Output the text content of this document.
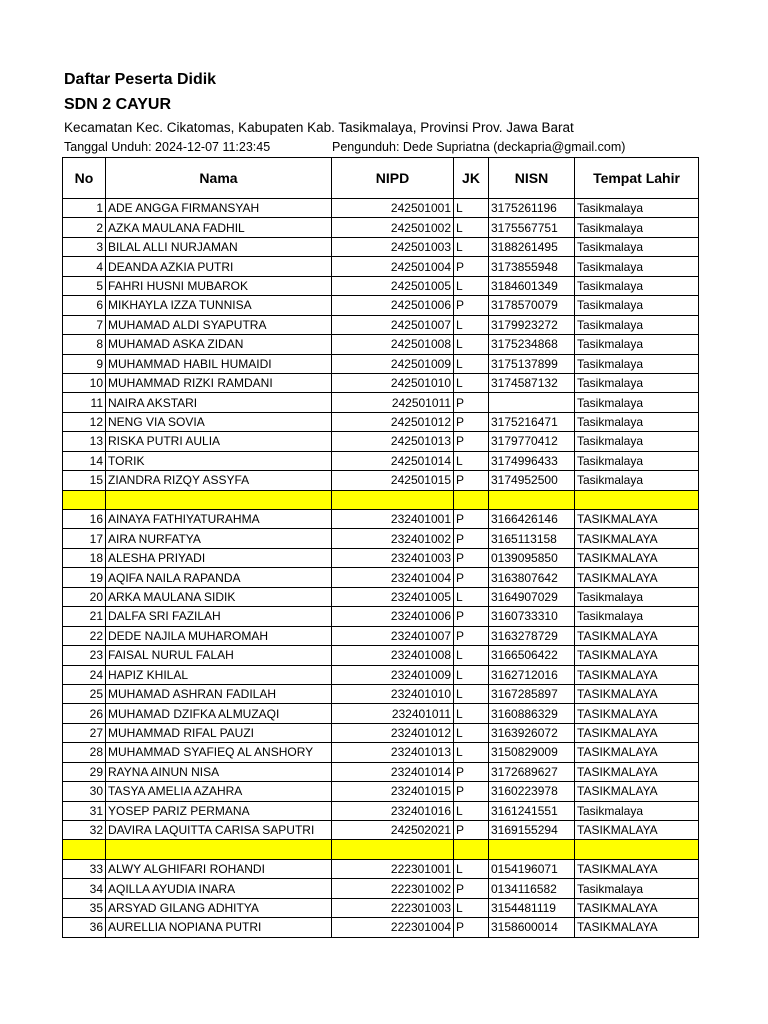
Daftar Peserta Didik
SDN 2 CAYUR
Kecamatan Kec. Cikatomas, Kabupaten Kab. Tasikmalaya, Provinsi Prov. Jawa Barat
Tanggal Unduh: 2024-12-07 11:23:45	Pengunduh: Dede Supriatna (deckapria@gmail.com)
No	Nama	NIPD	JK	NISN	Tempat Lahir
1	ADE ANGGA FIRMANSYAH	242501001	L	3175261196	Tasikmalaya
2	AZKA MAULANA FADHIL	242501002	L	3175567751	Tasikmalaya
3	BILAL ALLI NURJAMAN	242501003	L	3188261495	Tasikmalaya
4	DEANDA AZKIA PUTRI	242501004	P	3173855948	Tasikmalaya
5	FAHRI HUSNI MUBAROK	242501005	L	3184601349	Tasikmalaya
6	MIKHAYLA IZZA TUNNISA	242501006	P	3178570079	Tasikmalaya
7	MUHAMAD ALDI SYAPUTRA	242501007	L	3179923272	Tasikmalaya
8	MUHAMAD ASKA ZIDAN	242501008	L	3175234868	Tasikmalaya
9	MUHAMMAD HABIL HUMAIDI	242501009	L	3175137899	Tasikmalaya
10	MUHAMMAD RIZKI RAMDANI	242501010	L	3174587132	Tasikmalaya
11	NAIRA AKSTARI	242501011	P		Tasikmalaya
12	NENG VIA SOVIA	242501012	P	3175216471	Tasikmalaya
13	RISKA PUTRI AULIA	242501013	P	3179770412	Tasikmalaya
14	TORIK	242501014	L	3174996433	Tasikmalaya
15	ZIANDRA RIZQY ASSYFA	242501015	P	3174952500	Tasikmalaya

16	AINAYA FATHIYATURAHMA	232401001	P	3166426146	TASIKMALAYA
17	AIRA NURFATYA	232401002	P	3165113158	TASIKMALAYA
18	ALESHA PRIYADI	232401003	P	0139095850	TASIKMALAYA
19	AQIFA NAILA RAPANDA	232401004	P	3163807642	TASIKMALAYA
20	ARKA MAULANA SIDIK	232401005	L	3164907029	Tasikmalaya
21	DALFA SRI FAZILAH	232401006	P	3160733310	Tasikmalaya
22	DEDE NAJILA MUHAROMAH	232401007	P	3163278729	TASIKMALAYA
23	FAISAL NURUL FALAH	232401008	L	3166506422	TASIKMALAYA
24	HAPIZ KHILAL	232401009	L	3162712016	TASIKMALAYA
25	MUHAMAD ASHRAN FADILAH	232401010	L	3167285897	TASIKMALAYA
26	MUHAMAD DZIFKA ALMUZAQI	232401011	L	3160886329	TASIKMALAYA
27	MUHAMMAD RIFAL PAUZI	232401012	L	3163926072	TASIKMALAYA
28	MUHAMMAD SYAFIEQ AL ANSHORY	232401013	L	3150829009	TASIKMALAYA
29	RAYNA AINUN NISA	232401014	P	3172689627	TASIKMALAYA
30	TASYA AMELIA AZAHRA	232401015	P	3160223978	TASIKMALAYA
31	YOSEP PARIZ PERMANA	232401016	L	3161241551	Tasikmalaya
32	DAVIRA LAQUITTA CARISA SAPUTRI	242502021	P	3169155294	TASIKMALAYA

33	ALWY ALGHIFARI ROHANDI	222301001	L	0154196071	TASIKMALAYA
34	AQILLA AYUDIA INARA	222301002	P	0134116582	Tasikmalaya
35	ARSYAD GILANG ADHITYA	222301003	L	3154481119	TASIKMALAYA
36	AURELLIA NOPIANA PUTRI	222301004	P	3158600014	TASIKMALAYA
